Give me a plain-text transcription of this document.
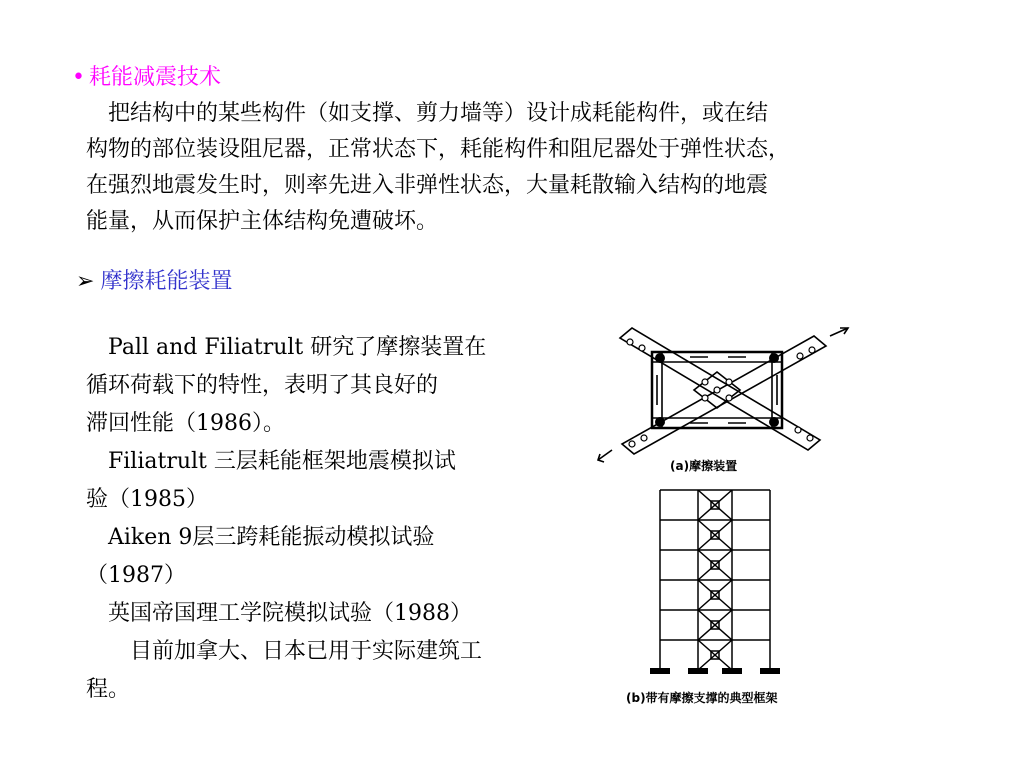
• 耗能减震技术
　把结构中的某些构件（如支撑、剪力墙等）设计成耗能构件，或在结
构物的部位装设阻尼器，正常状态下，耗能构件和阻尼器处于弹性状态，
在强烈地震发生时，则率先进入非弹性状态，大量耗散输入结构的地震
能量，从而保护主体结构免遭破坏。
➢ 摩擦耗能装置
　Pall and Filiatrult 研究了摩擦装置在
循环荷载下的特性，表明了其良好的
滞回性能（1986）。
　Filiatrult 三层耗能框架地震模拟试
验（1985）
　Aiken 9层三跨耗能振动模拟试验
（1987）
　英国帝国理工学院模拟试验（1988）
　　目前加拿大、日本已用于实际建筑工
程。
(a)摩擦装置
(b)带有摩擦支撑的典型框架
